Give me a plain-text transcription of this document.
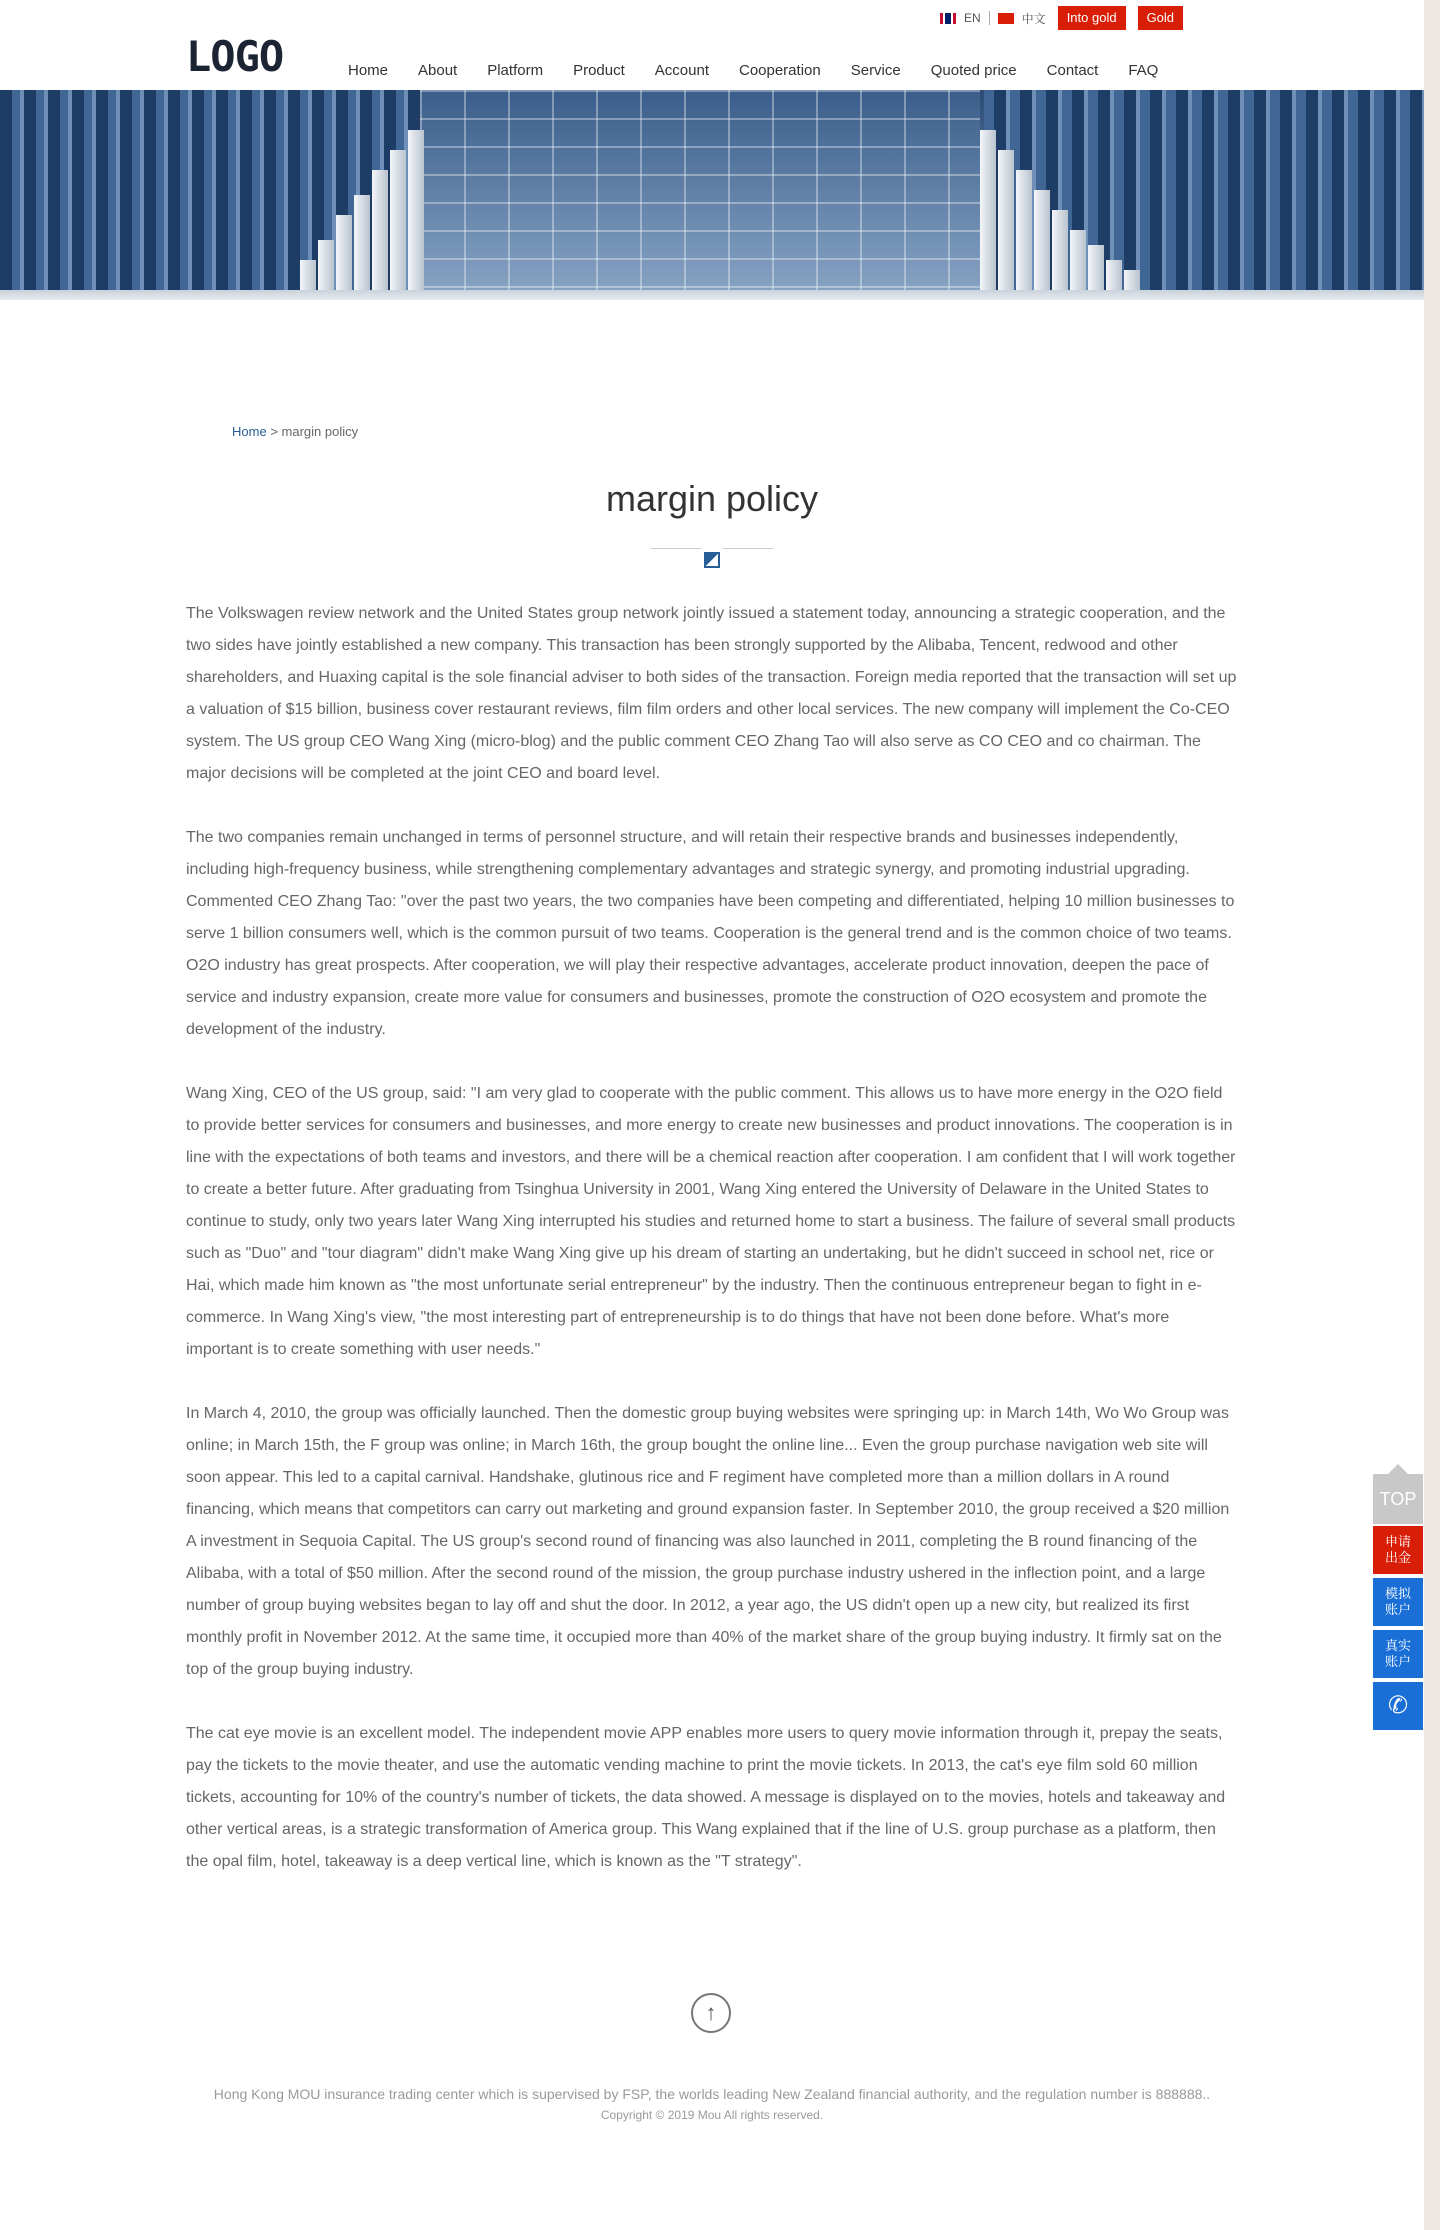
LOGO
EN	中文	Into gold	Gold
Home About Platform Product Account Cooperation Service Quoted price Contact FAQ
Home > margin policy
margin policy

The Volkswagen review network and the United States group network jointly issued a statement today, announcing a strategic cooperation, and the two sides have jointly established a new company. This transaction has been strongly supported by the Alibaba, Tencent, redwood and other shareholders, and Huaxing capital is the sole financial adviser to both sides of the transaction. Foreign media reported that the transaction will set up a valuation of $15 billion, business cover restaurant reviews, film film orders and other local services. The new company will implement the Co-CEO system. The US group CEO Wang Xing (micro-blog) and the public comment CEO Zhang Tao will also serve as CO CEO and co chairman. The major decisions will be completed at the joint CEO and board level.

The two companies remain unchanged in terms of personnel structure, and will retain their respective brands and businesses independently, including high-frequency business, while strengthening complementary advantages and strategic synergy, and promoting industrial upgrading. Commented CEO Zhang Tao: "over the past two years, the two companies have been competing and differentiated, helping 10 million businesses to serve 1 billion consumers well, which is the common pursuit of two teams. Cooperation is the general trend and is the common choice of two teams. O2O industry has great prospects. After cooperation, we will play their respective advantages, accelerate product innovation, deepen the pace of service and industry expansion, create more value for consumers and businesses, promote the construction of O2O ecosystem and promote the development of the industry.

Wang Xing, CEO of the US group, said: "I am very glad to cooperate with the public comment. This allows us to have more energy in the O2O field to provide better services for consumers and businesses, and more energy to create new businesses and product innovations. The cooperation is in line with the expectations of both teams and investors, and there will be a chemical reaction after cooperation. I am confident that I will work together to create a better future. After graduating from Tsinghua University in 2001, Wang Xing entered the University of Delaware in the United States to continue to study, only two years later Wang Xing interrupted his studies and returned home to start a business. The failure of several small products such as "Duo" and "tour diagram" didn't make Wang Xing give up his dream of starting an undertaking, but he didn't succeed in school net, rice or Hai, which made him known as "the most unfortunate serial entrepreneur" by the industry. Then the continuous entrepreneur began to fight in e-commerce. In Wang Xing's view, "the most interesting part of entrepreneurship is to do things that have not been done before. What's more important is to create something with user needs."

In March 4, 2010, the group was officially launched. Then the domestic group buying websites were springing up: in March 14th, Wo Wo Group was online; in March 15th, the F group was online; in March 16th, the group bought the online line... Even the group purchase navigation web site will soon appear. This led to a capital carnival. Handshake, glutinous rice and F regiment have completed more than a million dollars in A round financing, which means that competitors can carry out marketing and ground expansion faster. In September 2010, the group received a $20 million A investment in Sequoia Capital. The US group's second round of financing was also launched in 2011, completing the B round financing of the Alibaba, with a total of $50 million. After the second round of the mission, the group purchase industry ushered in the inflection point, and a large number of group buying websites began to lay off and shut the door. In 2012, a year ago, the US didn't open up a new city, but realized its first monthly profit in November 2012. At the same time, it occupied more than 40% of the market share of the group buying industry. It firmly sat on the top of the group buying industry.

The cat eye movie is an excellent model. The independent movie APP enables more users to query movie information through it, prepay the seats, pay the tickets to the movie theater, and use the automatic vending machine to print the movie tickets. In 2013, the cat's eye film sold 60 million tickets, accounting for 10% of the country's number of tickets, the data showed. A message is displayed on to the movies, hotels and takeaway and other vertical areas, is a strategic transformation of America group. This Wang explained that if the line of U.S. group purchase as a platform, then the opal film, hotel, takeaway is a deep vertical line, which is known as the "T strategy".

↑
Hong Kong MOU insurance trading center which is supervised by FSP, the worlds leading New Zealand financial authority, and the regulation number is 888888..
Copyright © 2019 Mou All rights reserved.
TOP
申请出金
模拟账户
真实账户
✆
